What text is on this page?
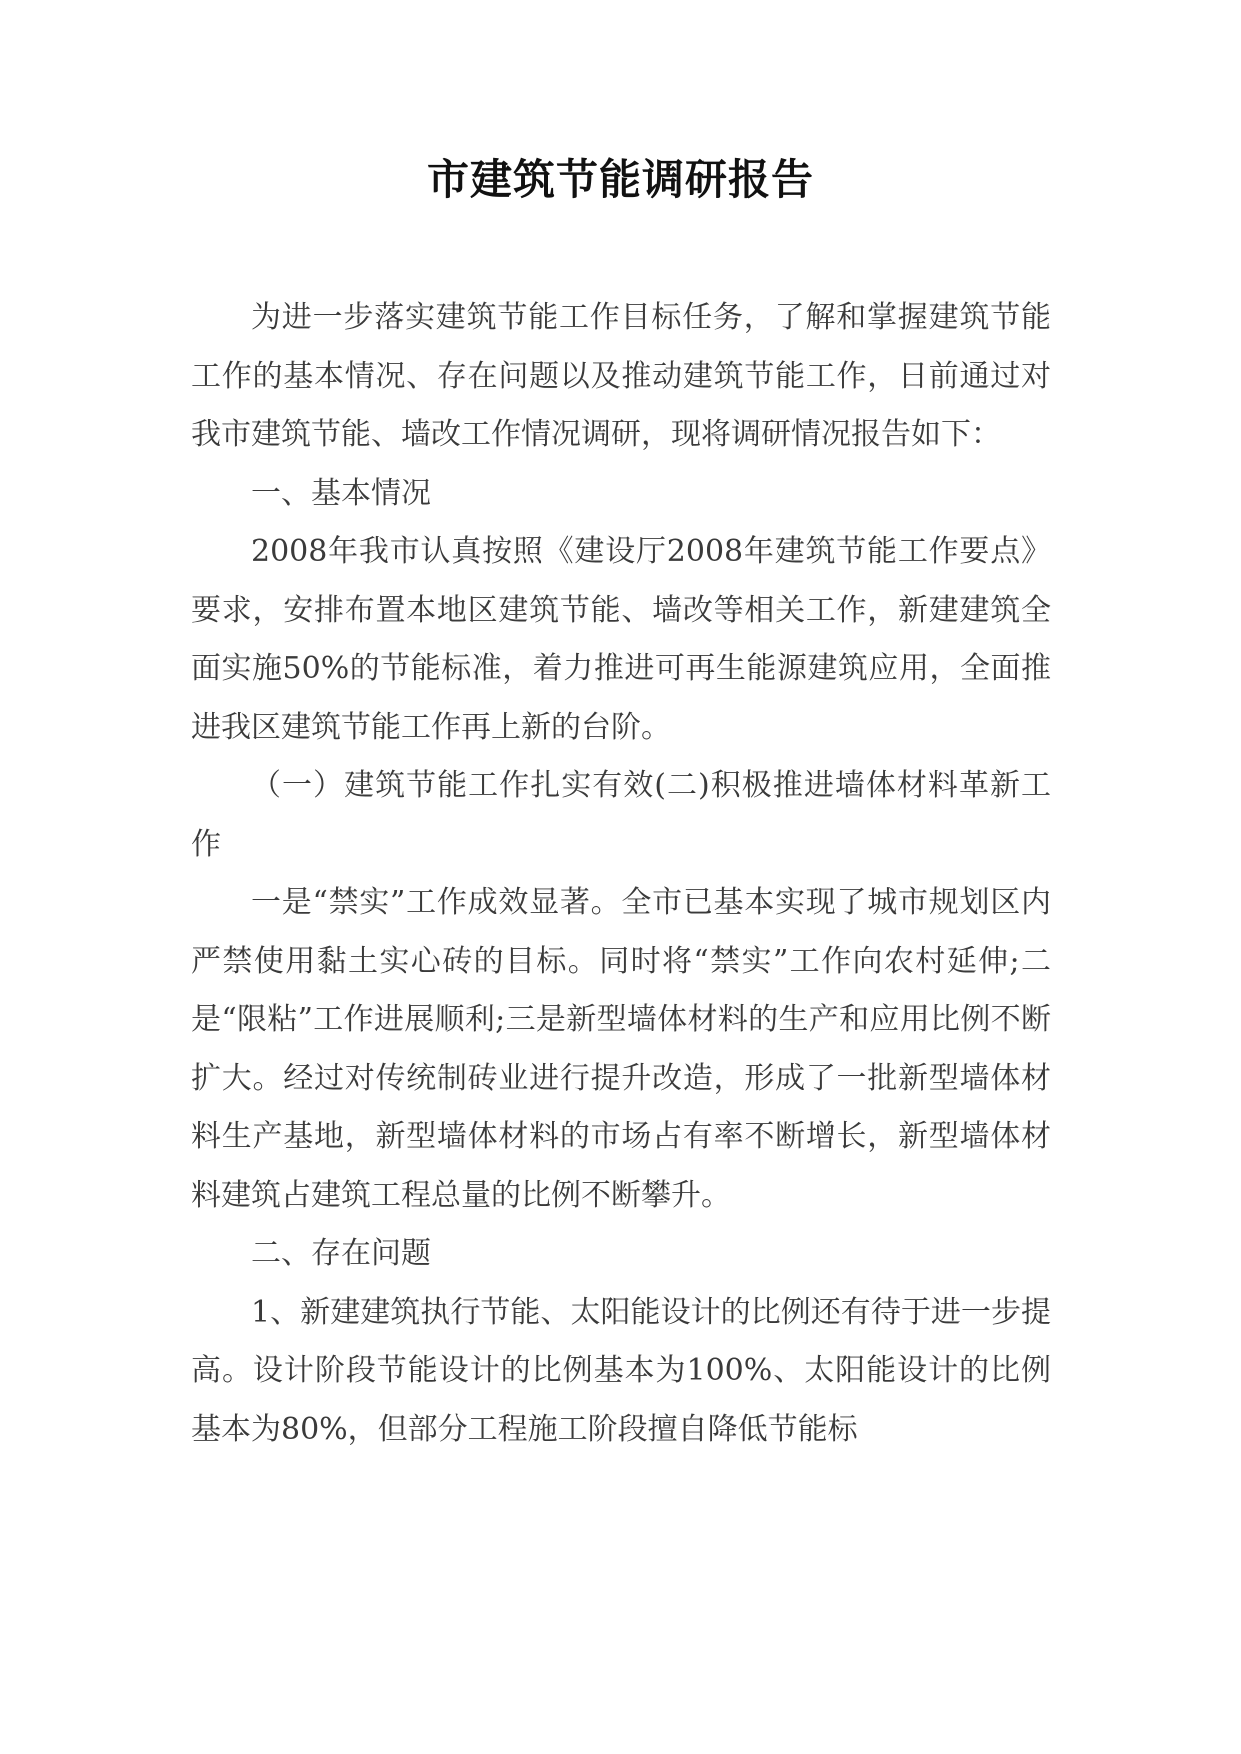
市建筑节能调研报告

为进一步落实建筑节能工作目标任务，了解和掌握建筑节能工作的基本情况、存在问题以及推动建筑节能工作，日前通过对我市建筑节能、墙改工作情况调研，现将调研情况报告如下：

一、基本情况

2008年我市认真按照《建设厅2008年建筑节能工作要点》要求，安排布置本地区建筑节能、墙改等相关工作，新建建筑全面实施50%的节能标准，着力推进可再生能源建筑应用，全面推进我区建筑节能工作再上新的台阶。

（一）建筑节能工作扎实有效(二)积极推进墙体材料革新工作

一是“禁实”工作成效显著。全市已基本实现了城市规划区内严禁使用黏土实心砖的目标。同时将“禁实”工作向农村延伸;二是“限粘”工作进展顺利;三是新型墙体材料的生产和应用比例不断扩大。经过对传统制砖业进行提升改造，形成了一批新型墙体材料生产基地，新型墙体材料的市场占有率不断增长，新型墙体材料建筑占建筑工程总量的比例不断攀升。

二、存在问题

1、新建建筑执行节能、太阳能设计的比例还有待于进一步提高。设计阶段节能设计的比例基本为100%、太阳能设计的比例基本为80%，但部分工程施工阶段擅自降低节能标
